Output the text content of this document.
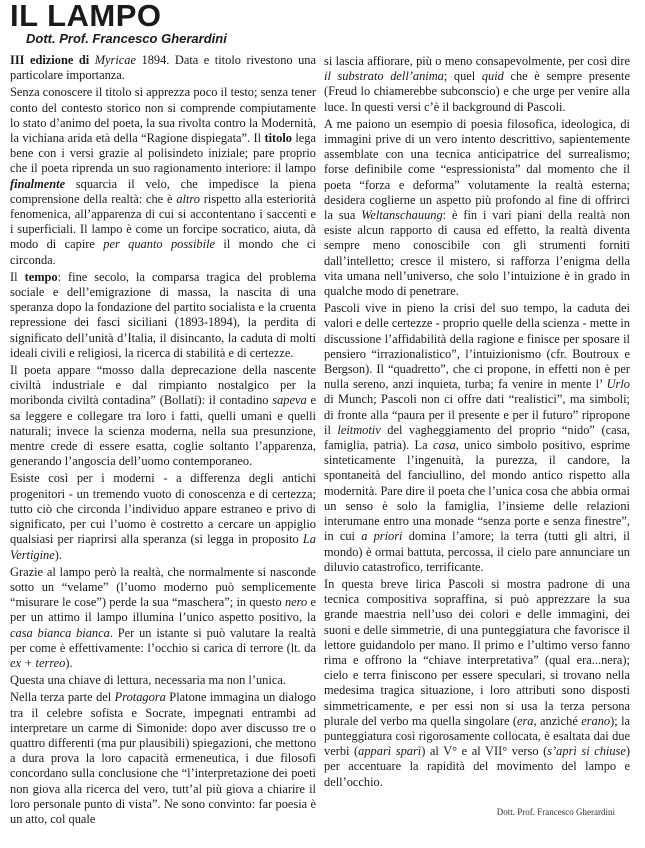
IL LAMPO
Dott. Prof. Francesco Gherardini

III edizione di Myricae 1894. Data e titolo rivestono una particolare importanza.

Senza conoscere il titolo si apprezza poco il testo; senza tener conto del contesto storico non si comprende compiutamente lo stato d’animo del poeta, la sua rivolta contro la Modernità, la vichiana arida età della “Ragione dispiegata”. Il titolo lega bene con i versi grazie al polisindeto iniziale; pare proprio che il poeta riprenda un suo ragionamento interiore: il lampo finalmente squarcia il velo, che impedisce la piena comprensione della realtà: che è altro rispetto alla esteriorità fenomenica, all’apparenza di cui si accontentano i saccenti e i superficiali. Il lampo è come un forcipe socratico, aiuta, dà modo di capire per quanto possibile il mondo che ci circonda.

Il tempo: fine secolo, la comparsa tragica del problema sociale e dell’emigrazione di massa, la nascita di una speranza dopo la fondazione del partito socialista e la cruenta repressione dei fasci siciliani (1893-1894), la perdita di significato dell’unità d’Italia, il disincanto, la caduta di molti ideali civili e religiosi, la ricerca di stabilità e di certezze.

Il poeta appare “mosso dalla deprecazione della nascente civiltà industriale e dal rimpianto nostalgico per la moribonda civiltà contadina” (Bollati): il contadino sapeva e sa leggere e collegare tra loro i fatti, quelli umani e quelli naturali; invece la scienza moderna, nella sua presunzione, mentre crede di essere esatta, coglie soltanto l’apparenza, generando l’angoscia dell’uomo contemporaneo.

Esiste così per i moderni - a differenza degli antichi progenitori - un tremendo vuoto di conoscenza e di certezza; tutto ciò che circonda l’individuo appare estraneo e privo di significato, per cui l’uomo è costretto a cercare un appiglio qualsiasi per riaprirsi alla speranza (si legga in proposito La Vertigine).

Grazie al lampo però la realtà, che normalmente si nasconde sotto un “velame” (l’uomo moderno può semplicemente “misurare le cose”) perde la sua “maschera”; in questo nero e per un attimo il lampo illumina l’unico aspetto positivo, la casa bianca bianca. Per un istante si può valutare la realtà per come è effettivamente: l’occhio si carica di terrore (lt. da ex + terreo).

Questa una chiave di lettura, necessaria ma non l’unica.

Nella terza parte del Protagora Platone immagina un dialogo tra il celebre sofista e Socrate, impegnati entrambi ad interpretare un carme di Simonide: dopo aver discusso tre o quattro differenti (ma pur plausibili) spiegazioni, che mettono a dura prova la loro capacità ermeneutica, i due filosofi concordano sulla conclusione che “l’interpretazione dei poeti non giova alla ricerca del vero, tutt’al più giova a chiarire il loro personale punto di vista”. Ne sono convinto: far poesia è un atto, col quale

si lascia affiorare, più o meno consapevolmente, per così dire il substrato dell’anima; quel quid che è sempre presente (Freud lo chiamerebbe subconscio) e che urge per venire alla luce. In questi versi c’è il background di Pascoli.

A me paiono un esempio di poesia filosofica, ideologica, di immagini prive di un vero intento descrittivo, sapientemente assemblate con una tecnica anticipatrice del surrealismo; forse definibile come “espressionista” dal momento che il poeta “forza e deforma” volutamente la realtà esterna; desidera coglierne un aspetto più profondo al fine di offrirci la sua Weltanschauung: è fin i vari piani della realtà non esiste alcun rapporto di causa ed effetto, la realtà diventa sempre meno conoscibile con gli strumenti forniti dall’intelletto; cresce il mistero, si rafforza l’enigma della vita umana nell’universo, che solo l’intuizione è in grado in qualche modo di penetrare.

Pascoli vive in pieno la crisi del suo tempo, la caduta dei valori e delle certezze - proprio quelle della scienza - mette in discussione l’affidabilità della ragione e finisce per sposare il pensiero “irrazionalistico”, l’intuizionismo (cfr. Boutroux e Bergson). Il “quadretto”, che ci propone, in effetti non è per nulla sereno, anzi inquieta, turba; fa venire in mente l’ Urlo di Munch; Pascoli non ci offre dati “realistici”, ma simboli; di fronte alla “paura per il presente e per il futuro” ripropone il leitmotiv del vagheggiamento del proprio “nido” (casa, famiglia, patria). La casa, unico simbolo positivo, esprime sinteticamente l’ingenuità, la purezza, il candore, la spontaneità del fanciullino, del mondo antico rispetto alla modernità. Pare dire il poeta che l’unica cosa che abbia ormai un senso è solo la famiglia, l’insieme delle relazioni interumane entro una monade “senza porte e senza finestre”, in cui a priori domina l’amore; la terra (tutti gli altri, il mondo) è ormai battuta, percossa, il cielo pare annunciare un diluvio catastrofico, terrificante.

In questa breve lirica Pascoli si mostra padrone di una tecnica compositiva sopraffina, si può apprezzare la sua grande maestria nell’uso dei colori e delle immagini, dei suoni e delle simmetrie, di una punteggiatura che favorisce il lettore guidandolo per mano. Il primo e l’ultimo verso fanno rima e offrono la “chiave interpretativa” (qual era...nera); cielo e terra finiscono per essere speculari, si trovano nella medesima tragica situazione, i loro attributi sono disposti simmetricamente, e per essi non si usa la terza persona plurale del verbo ma quella singolare (era, anziché erano); la punteggiatura così rigorosamente collocata, è esaltata dai due verbi (apparì sparì) al V° e al VII° verso (s’aprì si chiuse) per accentuare la rapidità del movimento del lampo e dell’occhio.

Dott. Prof. Francesco Gherardini
